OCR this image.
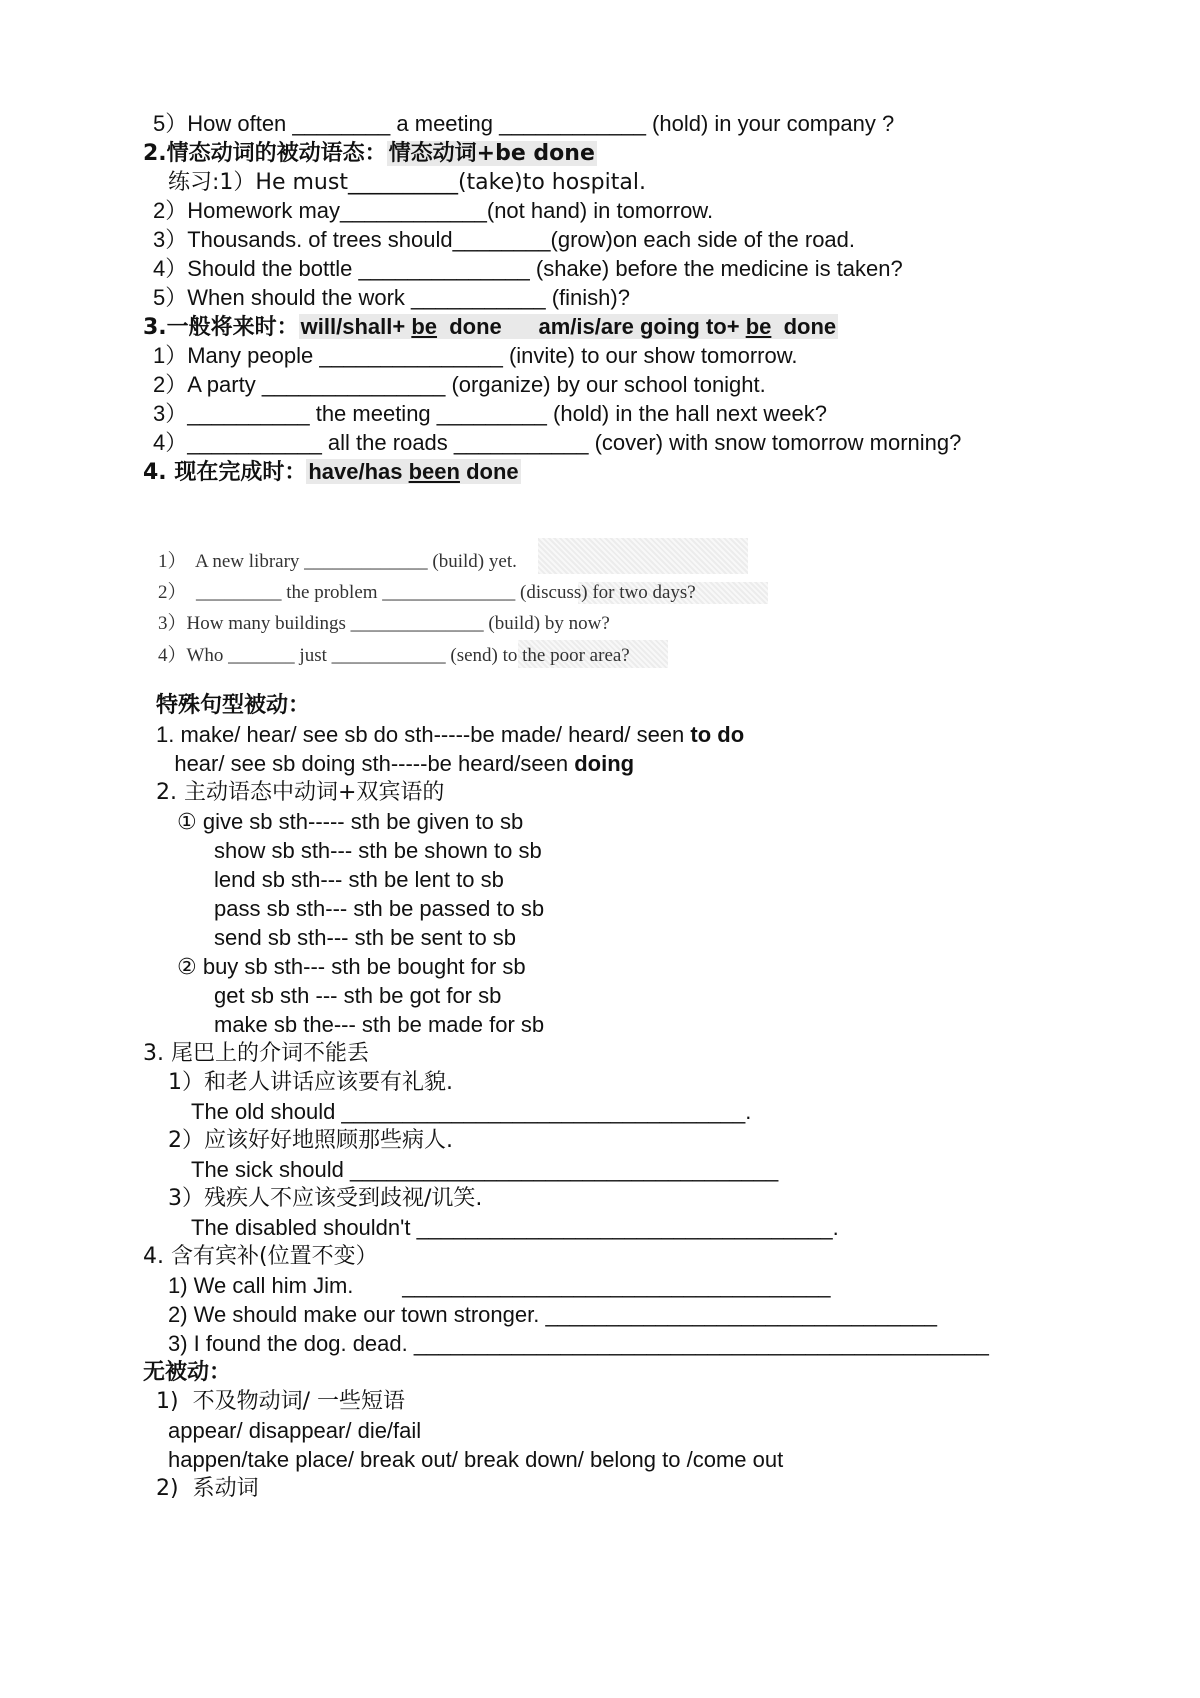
5）How often ________ a meeting ____________ (hold) in your company ?
2.情态动词的被动语态：情态动词+be done
练习:1）He must__________(take)to hospital.
2）Homework may____________(not hand) in tomorrow.
3）Thousands. of trees should________(grow)on each side of the road.
4）Should the bottle ______________ (shake) before the medicine is taken?
5）When should the work ___________ (finish)?
3.一般将来时：will/shall+ be  done      am/is/are going to+ be  done
1）Many people _______________ (invite) to our show tomorrow.
2）A party _______________ (organize) by our school tonight.
3）__________ the meeting _________ (hold) in the hall next week?
4）___________ all the roads ___________ (cover) with snow tomorrow morning?
4. 现在完成时：have/has been done
1）  A new library _____________ (build) yet.
2）  _________ the problem ______________ (discuss) for two days?
3）How many buildings ______________ (build) by now?
4）Who _______ just ____________ (send) to the poor area?
特殊句型被动：
1. make/ hear/ see sb do sth-----be made/ heard/ seen to do
hear/ see sb doing sth-----be heard/seen doing
2. 主动语态中动词+双宾语的
① give sb sth----- sth be given to sb
show sb sth--- sth be shown to sb
lend sb sth--- sth be lent to sb
pass sb sth--- sth be passed to sb
send sb sth--- sth be sent to sb
② buy sb sth--- sth be bought for sb
get sb sth --- sth be got for sb
make sb the--- sth be made for sb
3. 尾巴上的介词不能丢
1）和老人讲话应该要有礼貌.
The old should _________________________________.
2）应该好好地照顾那些病人.
The sick should ___________________________________
3）残疾人不应该受到歧视/讥笑.
The disabled shouldn't __________________________________.
4. 含有宾补(位置不变）
1) We call him Jim.        ___________________________________
2) We should make our town stronger. ________________________________
3) I found the dog. dead. _______________________________________________
无被动：
1)  不及物动词/ 一些短语
appear/ disappear/ die/fail
happen/take place/ break out/ break down/ belong to /come out
2)  系动词
